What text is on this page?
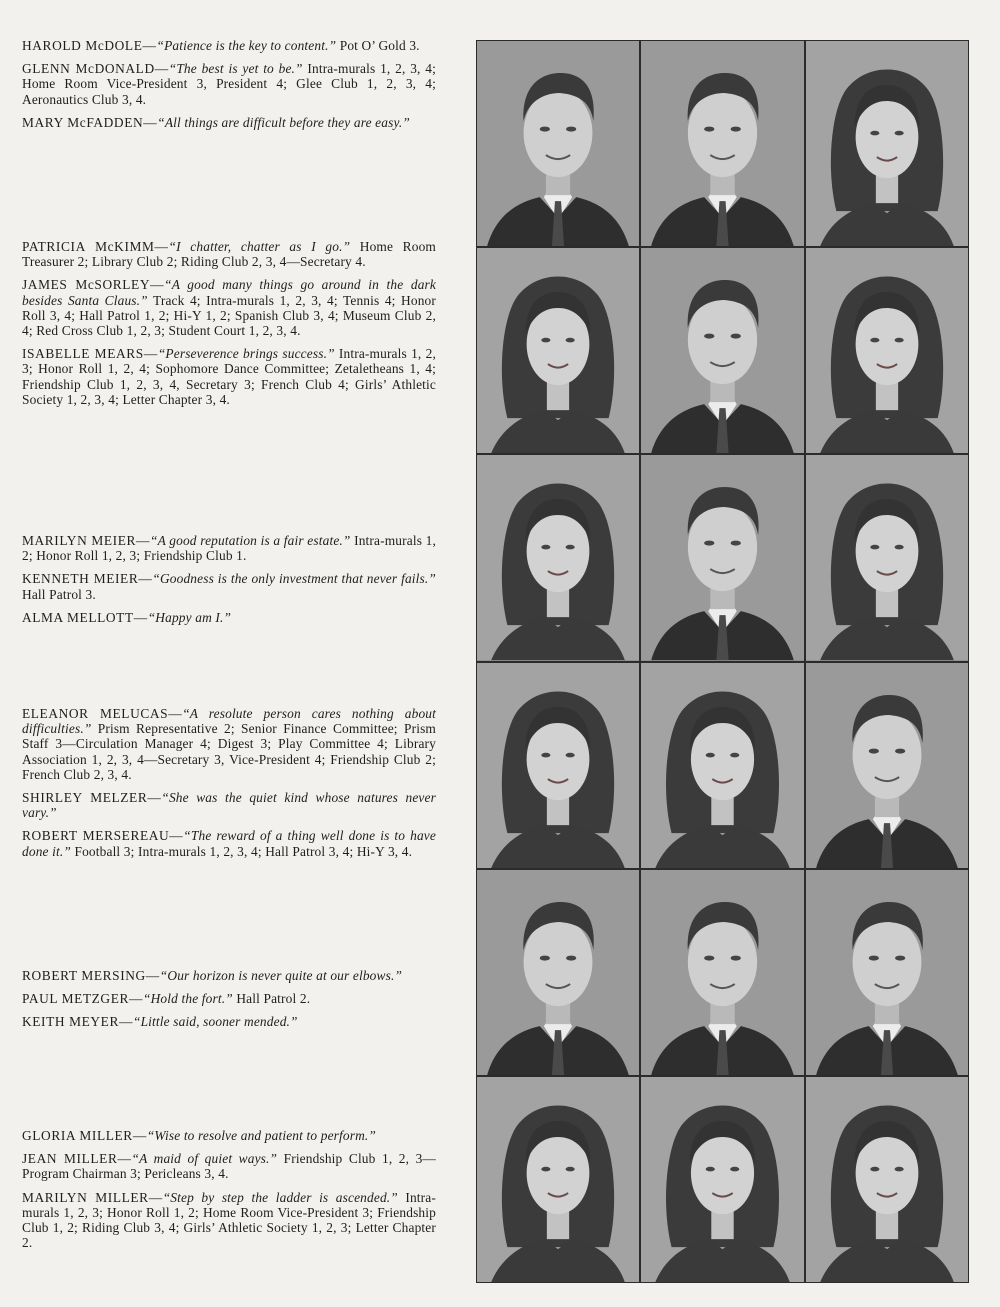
HAROLD McDOLE—“Patience is the key to content.” Pot O’ Gold 3.

GLENN McDONALD—“The best is yet to be.” Intra-murals 1, 2, 3, 4; Home Room Vice-President 3, President 4; Glee Club 1, 2, 3, 4; Aeronautics Club 3, 4.

MARY McFADDEN—“All things are difficult before they are easy.”

PATRICIA McKIMM—“I chatter, chatter as I go.” Home Room Treasurer 2; Library Club 2; Riding Club 2, 3, 4—Secretary 4.

JAMES McSORLEY—“A good many things go around in the dark besides Santa Claus.” Track 4; Intra-murals 1, 2, 3, 4; Tennis 4; Honor Roll 3, 4; Hall Patrol 1, 2; Hi-Y 1, 2; Spanish Club 3, 4; Museum Club 2, 4; Red Cross Club 1, 2, 3; Student Court 1, 2, 3, 4.

ISABELLE MEARS—“Perseverence brings success.” Intra-murals 1, 2, 3; Honor Roll 1, 2, 4; Sophomore Dance Committee; Zetaletheans 1, 4; Friendship Club 1, 2, 3, 4, Secretary 3; French Club 4; Girls’ Athletic Society 1, 2, 3, 4; Letter Chapter 3, 4.

MARILYN MEIER—“A good reputation is a fair estate.” Intra-murals 1, 2; Honor Roll 1, 2, 3; Friendship Club 1.

KENNETH MEIER—“Goodness is the only investment that never fails.” Hall Patrol 3.

ALMA MELLOTT—“Happy am I.”

ELEANOR MELUCAS—“A resolute person cares nothing about difficulties.” Prism Representative 2; Senior Finance Committee; Prism Staff 3—Circulation Manager 4; Digest 3; Play Committee 4; Library Association 1, 2, 3, 4—Secretary 3, Vice-President 4; Friendship Club 2; French Club 2, 3, 4.

SHIRLEY MELZER—“She was the quiet kind whose natures never vary.”

ROBERT MERSEREAU—“The reward of a thing well done is to have done it.” Football 3; Intra-murals 1, 2, 3, 4; Hall Patrol 3, 4; Hi-Y 3, 4.

ROBERT MERSING—“Our horizon is never quite at our elbows.”

PAUL METZGER—“Hold the fort.” Hall Patrol 2.

KEITH MEYER—“Little said, sooner mended.”

GLORIA MILLER—“Wise to resolve and patient to perform.”

JEAN MILLER—“A maid of quiet ways.” Friendship Club 1, 2, 3—Program Chairman 3; Pericleans 3, 4.

MARILYN MILLER—“Step by step the ladder is ascended.” Intra-murals 1, 2, 3; Honor Roll 1, 2; Home Room Vice-President 3; Friendship Club 1, 2; Riding Club 3, 4; Girls’ Athletic Society 1, 2, 3; Letter Chapter 2.
